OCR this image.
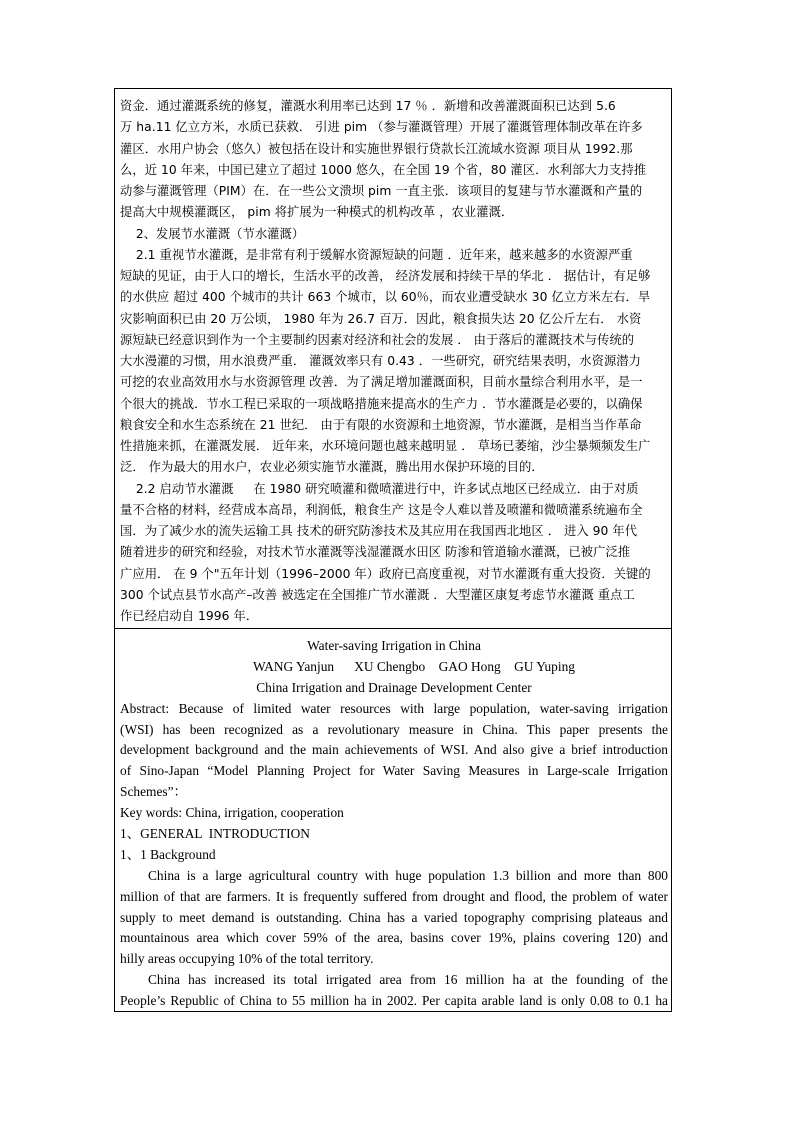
资金．通过灌溉系统的修复，灌溉水利用率已达到 17 ％ ．新增和改善灌溉面积已达到 5.6
万 ha.11 亿立方米，水质已获救． 引进 pim （参与灌溉管理）开展了灌溉管理体制改革在许多
灌区．水用户协会（悠久）被包括在设计和实施世界银行贷款长江流域水资源 项目从 1992.那
么，近 10 年来，中国已建立了超过 1000 悠久，在全国 19 个省，80 灌区．水利部大力支持推
动参与灌溉管理（PIM）在．在一些公文溃坝 pim 一直主张．该项目的复建与节水灌溉和产量的
提高大中规模灌溉区， pim 将扩展为一种模式的机构改革 ，农业灌溉．
2、发展节水灌溉（节水灌溉）
2.1 重视节水灌溉，是非常有利于缓解水资源短缺的问题 ．近年来，越来越多的水资源严重
短缺的见证，由于人口的增长，生活水平的改善， 经济发展和持续干旱的华北 ． 据估计，有足够
的水供应 超过 400 个城市的共计 663 个城市，以 60％，而农业遭受缺水 30 亿立方米左右．旱
灾影响面积已由 20 万公顷， 1980 年为 26.7 百万．因此，粮食损失达 20 亿公斤左右． 水资
源短缺已经意识到作为一个主要制约因素对经济和社会的发展 ． 由于落后的灌溉技术与传统的
大水漫灌的习惯，用水浪费严重． 灌溉效率只有 0.43 ．一些研究，研究结果表明，水资源潜力
可挖的农业高效用水与水资源管理 改善．为了满足增加灌溉面积，目前水量综合利用水平，是一
个很大的挑战．节水工程已采取的一项战略措施来提高水的生产力 ．节水灌溉是必要的，以确保
粮食安全和水生态系统在 21 世纪． 由于有限的水资源和土地资源，节水灌溉，是相当当作革命
性措施来抓，在灌溉发展． 近年来，水环境问题也越来越明显 ． 草场已萎缩，沙尘暴频频发生广
泛． 作为最大的用水户，农业必须实施节水灌溉，腾出用水保护环境的目的．
2.2 启动节水灌溉     在 1980 研究喷灌和微喷灌进行中，许多试点地区已经成立．由于对质
量不合格的材料，经营成本高昂，利润低，粮食生产 这是令人难以普及喷灌和微喷灌系统遍布全
国．为了减少水的流失运输工具 技术的研究防渗技术及其应用在我国西北地区 ． 进入 90 年代
随着进步的研究和经验，对技术节水灌溉等浅湿灌溉水田区 防渗和管道输水灌溉，已被广泛推
广应用． 在 9 个"五年计划（1996–2000 年）政府已高度重视，对节水灌溉有重大投资．关键的
300 个试点县节水高产–改善 被选定在全国推广节水灌溉 ．大型灌区康复考虑节水灌溉 重点工
作已经启动自 1996 年．
Water-saving Irrigation in China
WANG Yanjun      XU Chengbo    GAO Hong    GU Yuping
China Irrigation and Drainage Development Center
Abstract: Because of limited water resources with large population, water-saving irrigation
(WSI) has been recognized as a revolutionary measure in China. This paper presents the
development background and the main achievements of WSI. And also give a brief introduction
of Sino-Japan “Model Planning Project for Water Saving Measures in Large-scale Irrigation
Schemes”：
Key words: China, irrigation, cooperation
1、GENERAL  INTRODUCTION
1、1 Background
China is a large agricultural country with huge population 1.3 billion and more than 800
million of that are farmers. It is frequently suffered from drought and flood, the problem of water
supply to meet demand is outstanding. China has a varied topography comprising plateaus and
mountainous area which cover 59% of the area, basins cover 19%, plains covering 120) and
hilly areas occupying 10% of the total territory.
China has increased its total irrigated area from 16 million ha at the founding of the
People’s Republic of China to 55 million ha in 2002. Per capita arable land is only 0.08 to 0.1 ha
